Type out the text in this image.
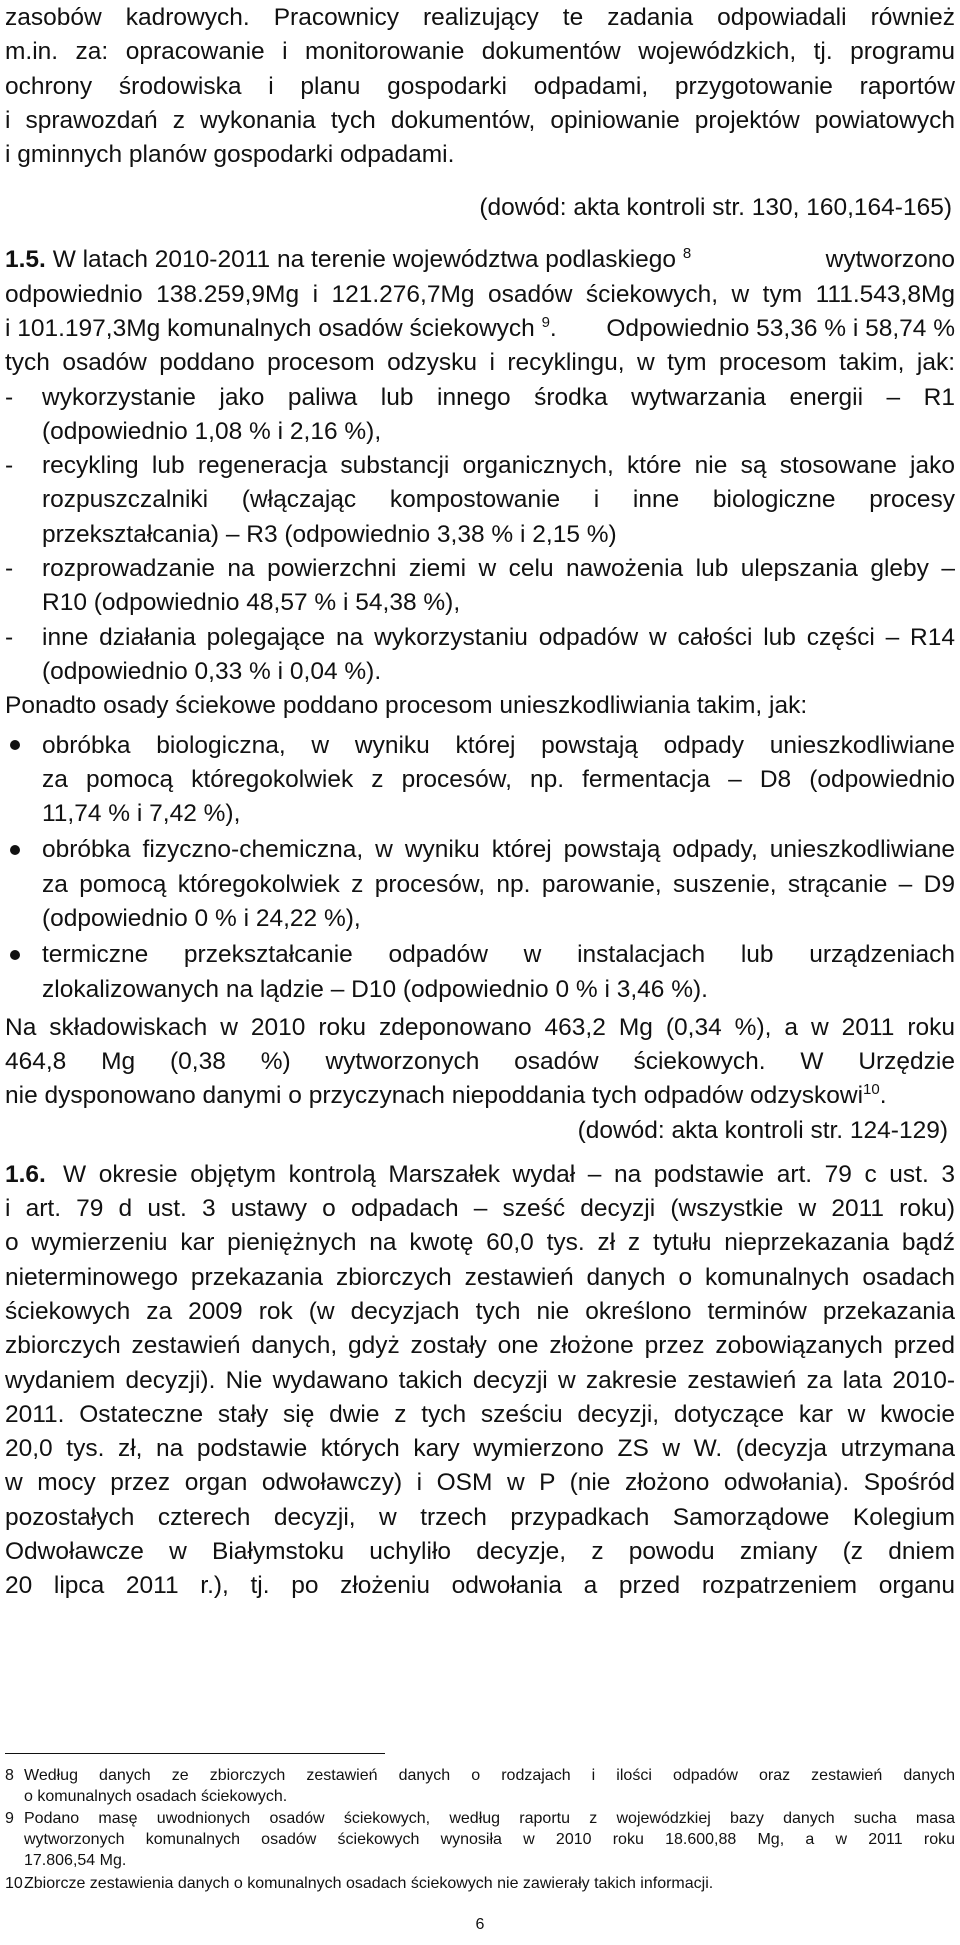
zasobów kadrowych. Pracownicy realizujący te zadania odpowiadali również
m.in. za: opracowanie i monitorowanie dokumentów wojewódzkich, tj. programu
ochrony środowiska i planu gospodarki odpadami, przygotowanie raportów
i sprawozdań z wykonania tych dokumentów, opiniowanie projektów powiatowych
i gminnych planów gospodarki odpadami.
(dowód: akta kontroli str. 130, 160,164-165)
1.5. W latach 2010-2011 na terenie województwa podlaskiego $^8$	wytworzono
odpowiednio 138.259,9Mg i 121.276,7Mg osadów ściekowych, w tym 111.543,8Mg
i 101.197,3Mg komunalnych osadów ściekowych $^9$. Odpowiednio 53,36 % i 58,74 %
tych osadów poddano procesom odzysku i recyklingu, w tym procesom takim, jak:
- wykorzystanie jako paliwa lub innego środka wytwarzania energii – R1
(odpowiednio 1,08 % i 2,16 %),
- recykling lub regeneracja substancji organicznych, które nie są stosowane jako
rozpuszczalniki (włączając kompostowanie i inne biologiczne procesy
przekształcania) – R3 (odpowiednio 3,38 % i 2,15 %)
- rozprowadzanie na powierzchni ziemi w celu nawożenia lub ulepszania gleby –
R10 (odpowiednio 48,57 % i 54,38 %),
- inne działania polegające na wykorzystaniu odpadów w całości lub części – R14
(odpowiednio 0,33 % i 0,04 %).
Ponadto osady ściekowe poddano procesom unieszkodliwiania takim, jak:
obróbka biologiczna, w wyniku której powstają odpady unieszkodliwiane
za pomocą któregokolwiek z procesów, np. fermentacja – D8 (odpowiednio
11,74 % i 7,42 %),
obróbka fizyczno-chemiczna, w wyniku której powstają odpady, unieszkodliwiane
za pomocą któregokolwiek z procesów, np. parowanie, suszenie, strącanie – D9
(odpowiednio 0 % i 24,22 %),
termiczne przekształcanie odpadów w instalacjach lub urządzeniach
zlokalizowanych na lądzie – D10 (odpowiednio 0 % i 3,46 %).
Na składowiskach w 2010 roku zdeponowano 463,2 Mg (0,34 %), a w 2011 roku
464,8 Mg (0,38 %) wytworzonych osadów ściekowych. W Urzędzie
nie dysponowano danymi o przyczynach niepoddania tych odpadów odzyskowi$^{10}$.
(dowód: akta kontroli str. 124-129)
1.6. W okresie objętym kontrolą Marszałek wydał – na podstawie art. 79 c ust. 3
i art. 79 d ust. 3 ustawy o odpadach – sześć decyzji (wszystkie w 2011 roku)
o wymierzeniu kar pieniężnych na kwotę 60,0 tys. zł z tytułu nieprzekazania bądź
nieterminowego przekazania zbiorczych zestawień danych o komunalnych osadach
ściekowych za 2009 rok (w decyzjach tych nie określono terminów przekazania
zbiorczych zestawień danych, gdyż zostały one złożone przez zobowiązanych przed
wydaniem decyzji). Nie wydawano takich decyzji w zakresie zestawień za lata 2010-
2011. Ostateczne stały się dwie z tych sześciu decyzji, dotyczące kar w kwocie
20,0 tys. zł, na podstawie których kary wymierzono ZS w W. (decyzja utrzymana
w mocy przez organ odwoławczy) i OSM w P (nie złożono odwołania). Spośród
pozostałych czterech decyzji, w trzech przypadkach Samorządowe Kolegium
Odwoławcze w Białymstoku uchyliło decyzje, z powodu zmiany (z dniem
20 lipca 2011 r.), tj. po złożeniu odwołania a przed rozpatrzeniem organu
8 Według danych ze zbiorczych zestawień danych o rodzajach i ilości odpadów oraz zestawień danych
o komunalnych osadach ściekowych.
9 Podano masę uwodnionych osadów ściekowych, według raportu z wojewódzkiej bazy danych sucha masa
wytworzonych komunalnych osadów ściekowych wynosiła w 2010 roku 18.600,88 Mg, a w 2011 roku
17.806,54 Mg.
10 Zbiorcze zestawienia danych o komunalnych osadach ściekowych nie zawierały takich informacji.
6
